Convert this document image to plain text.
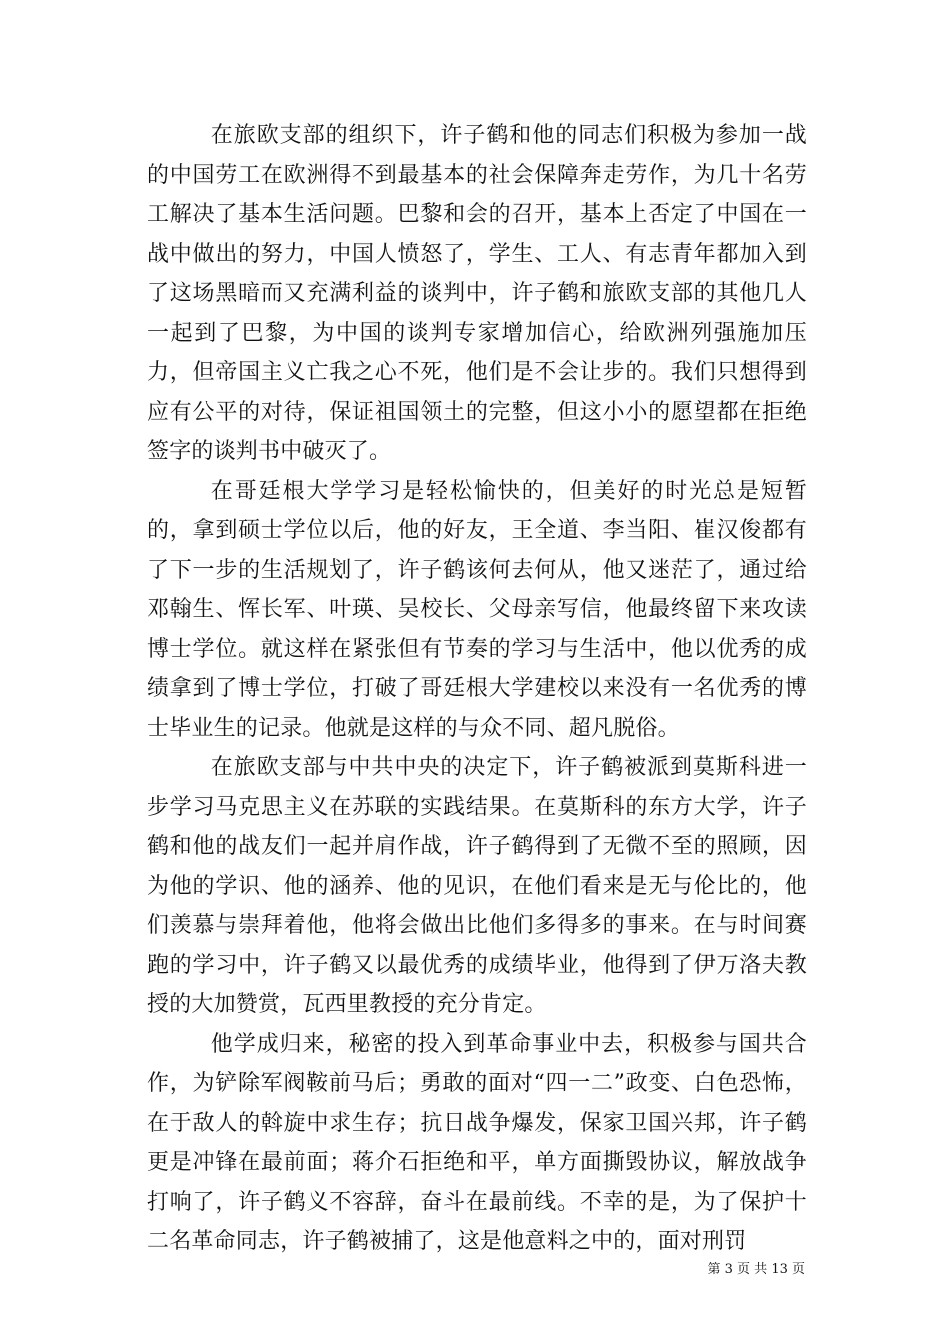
在旅欧支部的组织下，许子鹤和他的同志们积极为参加一战的中国劳工在欧洲得不到最基本的社会保障奔走劳作，为几十名劳工解决了基本生活问题。巴黎和会的召开，基本上否定了中国在一战中做出的努力，中国人愤怒了，学生、工人、有志青年都加入到了这场黑暗而又充满利益的谈判中，许子鹤和旅欧支部的其他几人一起到了巴黎，为中国的谈判专家增加信心，给欧洲列强施加压力，但帝国主义亡我之心不死，他们是不会让步的。我们只想得到应有公平的对待，保证祖国领土的完整，但这小小的愿望都在拒绝签字的谈判书中破灭了。

在哥廷根大学学习是轻松愉快的，但美好的时光总是短暂的，拿到硕士学位以后，他的好友，王全道、李当阳、崔汉俊都有了下一步的生活规划了，许子鹤该何去何从，他又迷茫了，通过给邓翰生、恽长军、叶瑛、吴校长、父母亲写信，他最终留下来攻读博士学位。就这样在紧张但有节奏的学习与生活中，他以优秀的成绩拿到了博士学位，打破了哥廷根大学建校以来没有一名优秀的博士毕业生的记录。他就是这样的与众不同、超凡脱俗。

在旅欧支部与中共中央的决定下，许子鹤被派到莫斯科进一步学习马克思主义在苏联的实践结果。在莫斯科的东方大学，许子鹤和他的战友们一起并肩作战，许子鹤得到了无微不至的照顾，因为他的学识、他的涵养、他的见识，在他们看来是无与伦比的，他们羡慕与崇拜着他，他将会做出比他们多得多的事来。在与时间赛跑的学习中，许子鹤又以最优秀的成绩毕业，他得到了伊万洛夫教授的大加赞赏，瓦西里教授的充分肯定。

他学成归来，秘密的投入到革命事业中去，积极参与国共合作，为铲除军阀鞍前马后；勇敢的面对“四一二”政变、白色恐怖，在于敌人的斡旋中求生存；抗日战争爆发，保家卫国兴邦，许子鹤更是冲锋在最前面；蒋介石拒绝和平，单方面撕毁协议，解放战争打响了，许子鹤义不容辞，奋斗在最前线。不幸的是，为了保护十二名革命同志，许子鹤被捕了，这是他意料之中的，面对刑罚

第 3 页 共 13 页
